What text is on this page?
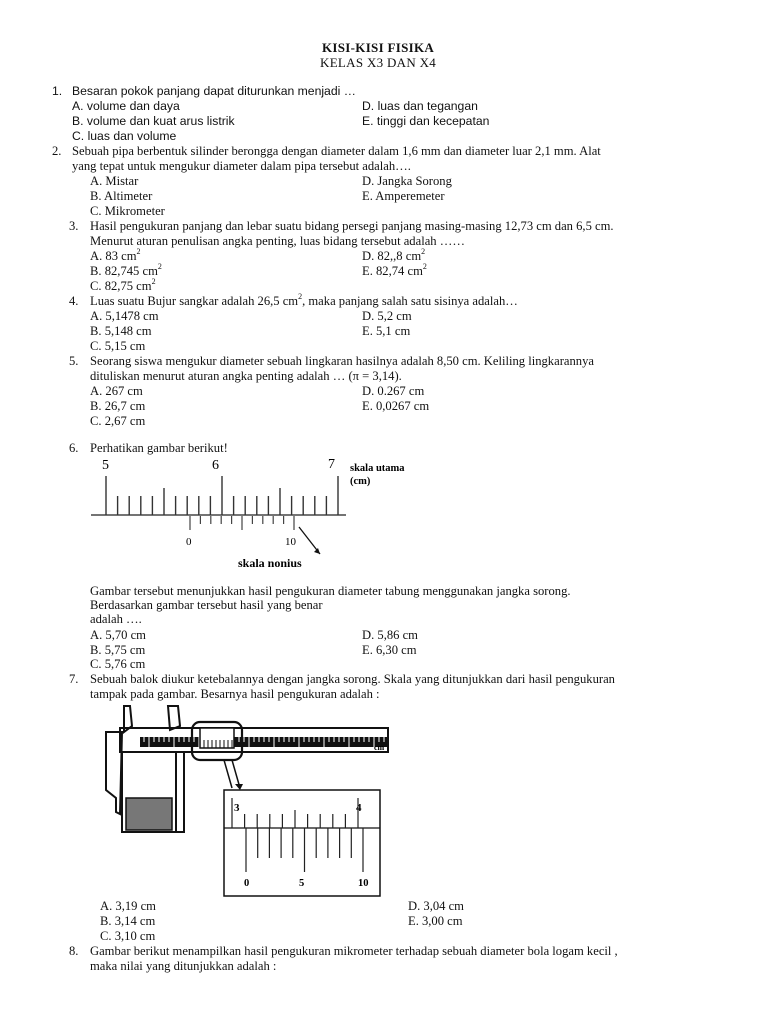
KISI-KISI FISIKA
KELAS X3 DAN X4
1. Besaran pokok panjang dapat diturunkan menjadi …
A. volume dan daya
B. volume dan kuat arus listrik
C. luas dan volume
D. luas dan tegangan
E. tinggi dan kecepatan
2. Sebuah pipa berbentuk silinder berongga dengan diameter dalam 1,6 mm dan diameter luar 2,1 mm. Alat
yang tepat untuk mengukur diameter dalam pipa tersebut adalah….
A. Mistar
B. Altimeter
C. Mikrometer
D. Jangka Sorong
E. Amperemeter
3. Hasil pengukuran panjang dan lebar suatu bidang persegi panjang masing-masing 12,73 cm dan 6,5 cm.
Menurut aturan penulisan angka penting, luas bidang tersebut adalah ……
A. 83 $cm^2$
B. 82,745 $cm^2$
C. 82,75 $cm^2$
D. 82,,8 $cm^2$
E. 82,74 $cm^2$
4. Luas suatu Bujur sangkar adalah 26,5 $cm^2$, maka panjang salah satu sisinya adalah…
A. 5,1478 cm
B. 5,148 cm
C. 5,15 cm
D. 5,2 cm
E. 5,1 cm
5. Seorang siswa mengukur diameter sebuah lingkaran hasilnya adalah 8,50 cm. Keliling lingkarannya
dituliskan menurut aturan angka penting adalah … (π = 3,14).
A. 267 cm
B. 26,7 cm
C. 2,67 cm
D. 0.267 cm
E. 0,0267 cm
6. Perhatikan gambar berikut!
5	6	7
0	10
skala utama
(cm)
skala nonius
Gambar tersebut menunjukkan hasil pengukuran diameter tabung menggunakan jangka sorong.
Berdasarkan gambar tersebut hasil yang benar
adalah ….
A. 5,70 cm
B. 5,75 cm
C. 5,76 cm
D. 5,86 cm
E. 6,30 cm
7. Sebuah balok diukur ketebalannya dengan jangka sorong. Skala yang ditunjukkan dari hasil pengukuran
tampak pada gambar. Besarnya hasil pengukuran adalah :
cm
3	4
0	5	10
A. 3,19 cm
B. 3,14 cm
C. 3,10 cm
D. 3,04 cm
E. 3,00 cm
8. Gambar berikut menampilkan hasil pengukuran mikrometer terhadap sebuah diameter bola logam kecil ,
maka nilai yang ditunjukkan adalah :
